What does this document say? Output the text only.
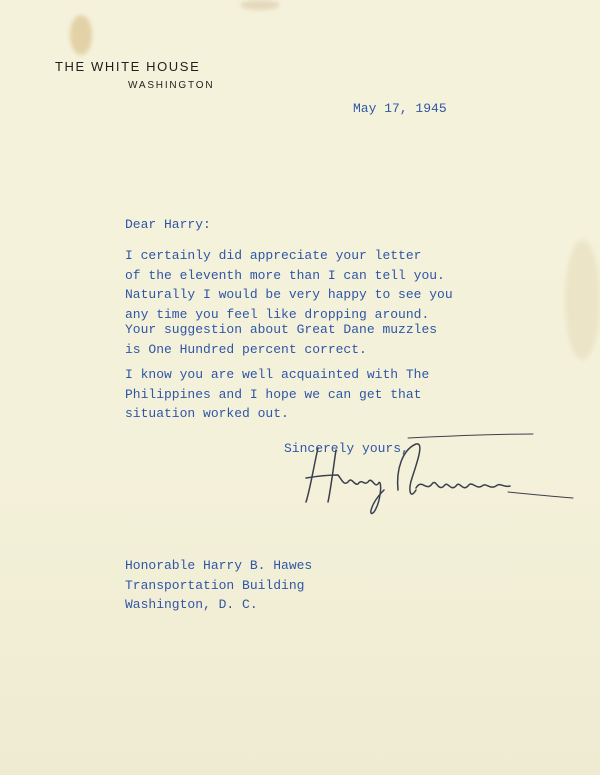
THE WHITE HOUSE
WASHINGTON
May 17, 1945
Dear Harry:
I certainly did appreciate your letter
of the eleventh more than I can tell you.
Naturally I would be very happy to see you
any time you feel like dropping around.
Your suggestion about Great Dane muzzles
is One Hundred percent correct.
I know you are well acquainted with The
Philippines and I hope we can get that
situation worked out.
Sincerely yours,
Honorable Harry B. Hawes
Transportation Building
Washington, D. C.
